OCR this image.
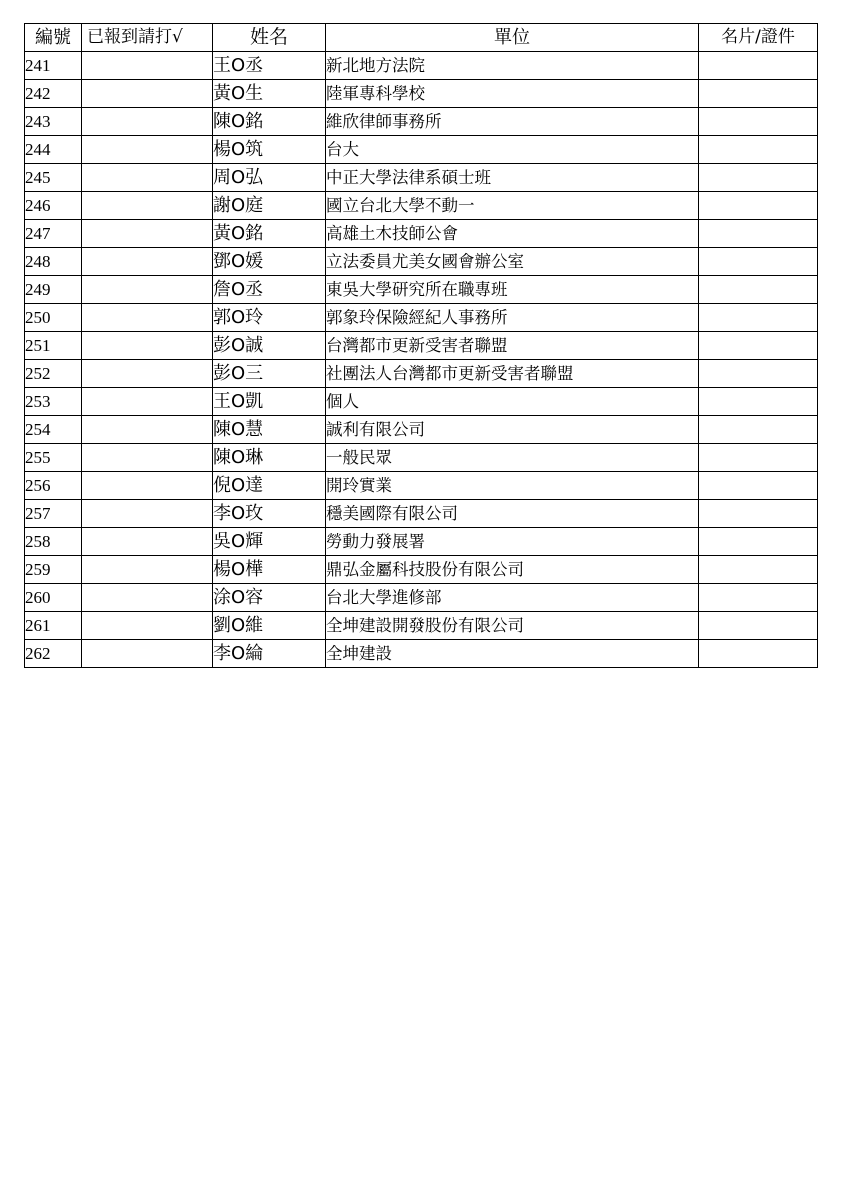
編號	已報到請打√	姓名	單位	名片/證件
241		王O丞	新北地方法院	
242		黃O生	陸軍專科學校	
243		陳O銘	維欣律師事務所	
244		楊O筑	台大	
245		周O弘	中正大學法律系碩士班	
246		謝O庭	國立台北大學不動一	
247		黃O銘	高雄土木技師公會	
248		鄧O媛	立法委員尤美女國會辦公室	
249		詹O丞	東吳大學研究所在職專班	
250		郭O玲	郭象玲保險經紀人事務所	
251		彭O誠	台灣都市更新受害者聯盟	
252		彭O三	社團法人台灣都市更新受害者聯盟	
253		王O凱	個人	
254		陳O慧	誠利有限公司	
255		陳O琳	一般民眾	
256		倪O達	開玲實業	
257		李O玫	穩美國際有限公司	
258		吳O輝	勞動力發展署	
259		楊O樺	鼎弘金屬科技股份有限公司	
260		涂O容	台北大學進修部	
261		劉O維	全坤建設開發股份有限公司	
262		李O綸	全坤建設	
